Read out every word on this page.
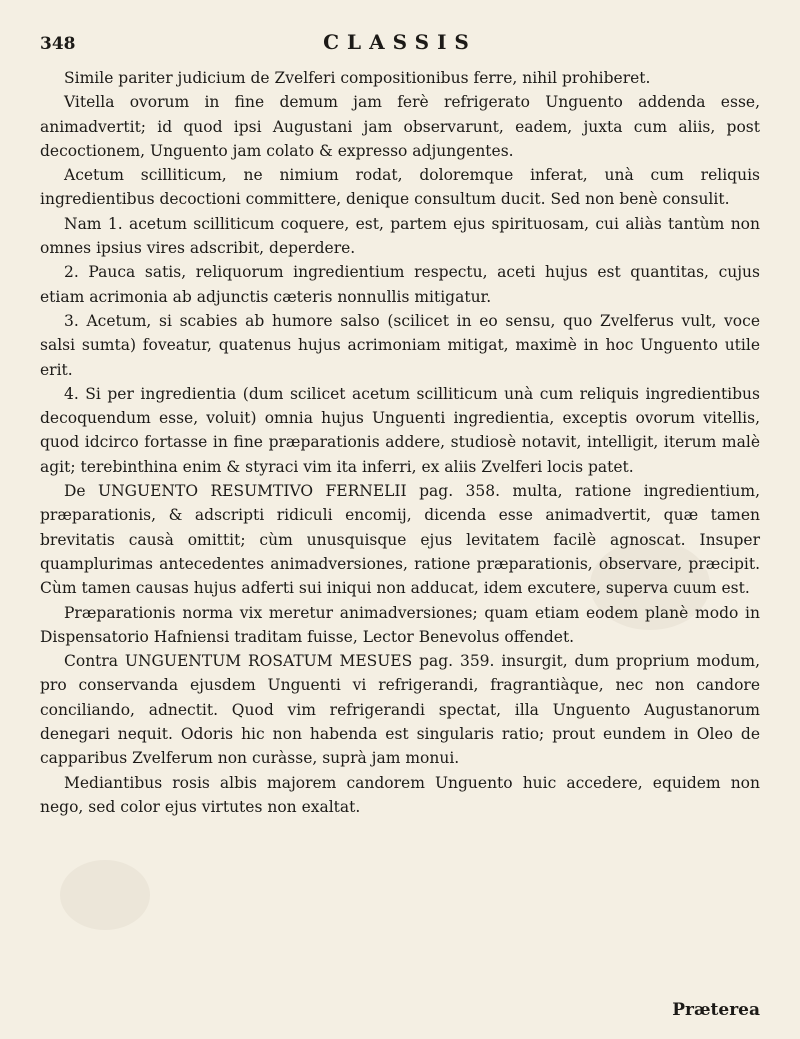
348	CLASSIS

Simile pariter judicium de Zvelferi compositionibus ferre, nihil prohiberet.

Vitella ovorum in fine demum jam ferè refrigerato Unguento addenda esse, animadvertit; id quod ipsi Augustani jam observarunt, eadem, juxta cum aliis, post decoctionem, Unguento jam colato & expresso adjungentes.

Acetum scilliticum, ne nimium rodat, doloremque inferat, unà cum reliquis ingredientibus decoctioni committere, denique consultum ducit. Sed non benè consulit.

Nam 1. acetum scilliticum coquere, est, partem ejus spirituosam, cui aliàs tantùm non omnes ipsius vires adscribit, deperdere.

2. Pauca satis, reliquorum ingredientium respectu, aceti hujus est quantitas, cujus etiam acrimonia ab adjunctis cæteris nonnullis mitigatur.

3. Acetum, si scabies ab humore salso (scilicet in eo sensu, quo Zvelferus vult, voce salsi sumta) foveatur, quatenus hujus acrimoniam mitigat, maximè in hoc Unguento utile erit.

4. Si per ingredientia (dum scilicet acetum scilliticum unà cum reliquis ingredientibus decoquendum esse, voluit) omnia hujus Unguenti ingredientia, exceptis ovorum vitellis, quod idcirco fortasse in fine præparationis addere, studiosè notavit, intelligit, iterum malè agit; terebinthina enim & styraci vim ita inferri, ex aliis Zvelferi locis patet.

De UNGUENTO RESUMTIVO FERNELII pag. 358. multa, ratione ingredientium, præparationis, & adscripti ridiculi encomij, dicenda esse animadvertit, quæ tamen brevitatis causà omittit; cùm unusquisque ejus levitatem facilè agnoscat. Insuper quamplurimas antecedentes animadversiones, ratione præparationis, observare, præcipit. Cùm tamen causas hujus adferti sui iniqui non adducat, idem excutere, superva cuum est.

Præparationis norma vix meretur animadversiones; quam etiam eodem planè modo in Dispensatorio Hafniensi traditam fuisse, Lector Benevolus offendet.

Contra UNGUENTUM ROSATUM MESUES pag. 359. insurgit, dum proprium modum, pro conservanda ejusdem Unguenti vi refrigerandi, fragrantiàque, nec non candore conciliando, adnectit. Quod vim refrigerandi spectat, illa Unguento Augustanorum denegari nequit. Odoris hic non habenda est singularis ratio; prout eundem in Oleo de capparibus Zvelferum non curàsse, suprà jam monui.

Mediantibus rosis albis majorem candorem Unguento huic accedere, equidem non nego, sed color ejus virtutes non exaltat.

Præterea
